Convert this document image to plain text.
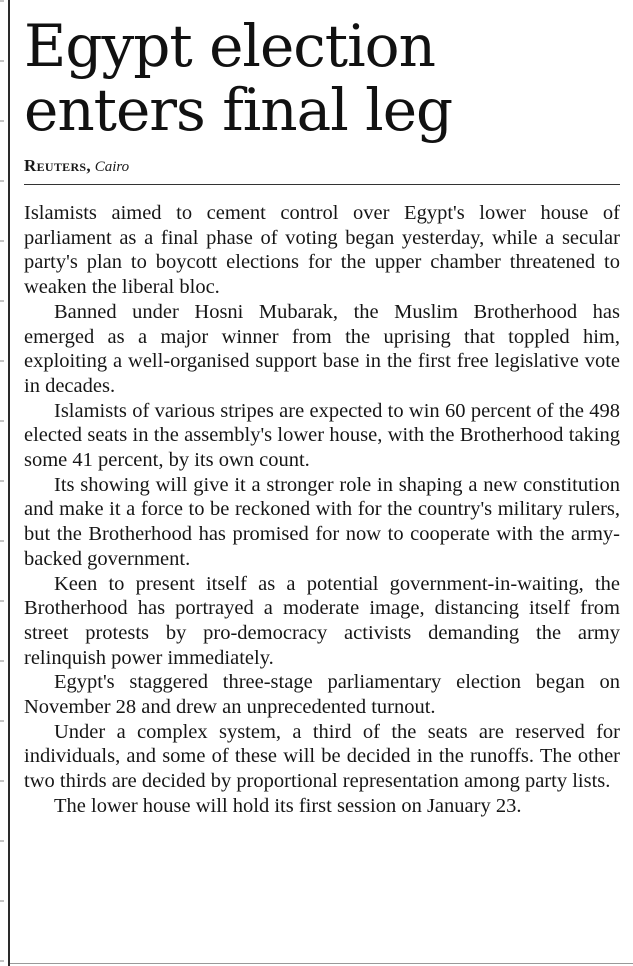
Egypt election enters final leg
Reuters, Cairo

Islamists aimed to cement control over Egypt's lower house of parliament as a final phase of voting began yesterday, while a secular party's plan to boycott elections for the upper chamber threatened to weaken the liberal bloc.

Banned under Hosni Mubarak, the Muslim Brotherhood has emerged as a major winner from the uprising that toppled him, exploiting a well-organised support base in the first free legislative vote in decades.

Islamists of various stripes are expected to win 60 percent of the 498 elected seats in the assembly's lower house, with the Brotherhood taking some 41 percent, by its own count.

Its showing will give it a stronger role in shaping a new constitution and make it a force to be reckoned with for the country's military rulers, but the Brotherhood has promised for now to cooperate with the army-backed government.

Keen to present itself as a potential government-in-waiting, the Brotherhood has portrayed a moderate image, distancing itself from street protests by pro-democracy activists demanding the army relinquish power immediately.

Egypt's staggered three-stage parliamentary election began on November 28 and drew an unprecedented turnout.

Under a complex system, a third of the seats are reserved for individuals, and some of these will be decided in the runoffs. The other two thirds are decided by proportional representation among party lists.

The lower house will hold its first session on January 23.
